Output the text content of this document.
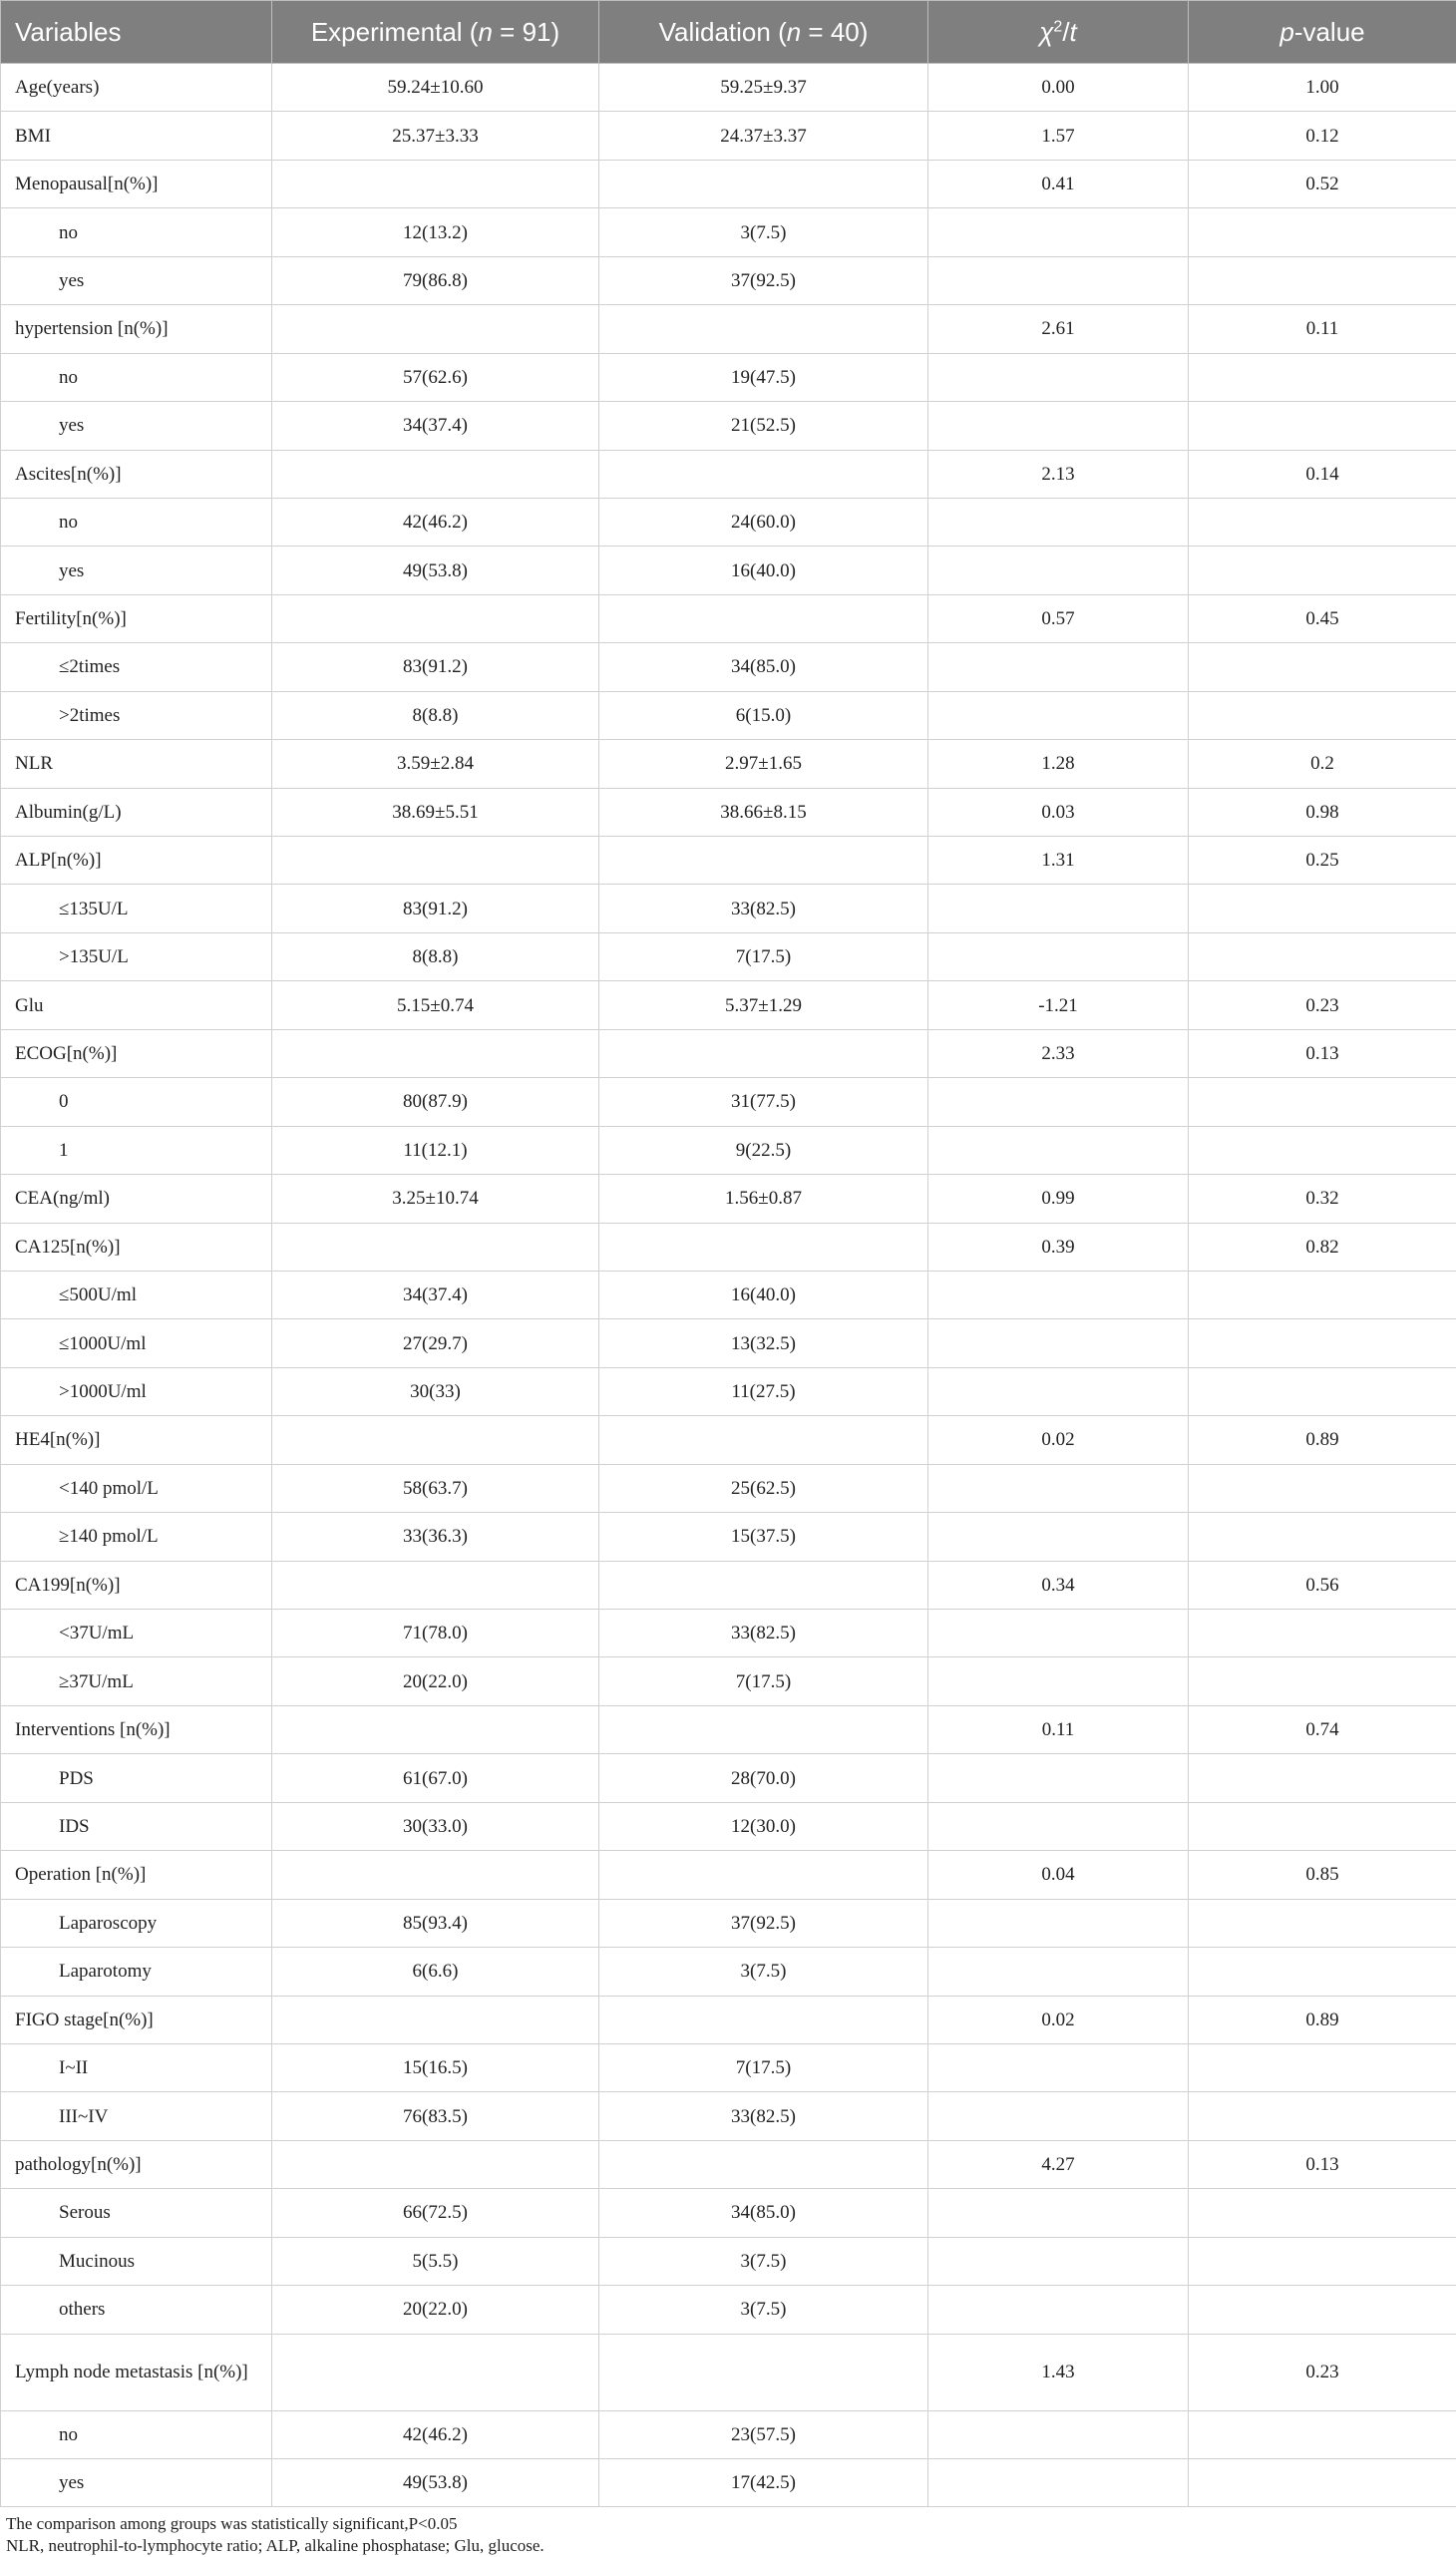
Variables	Experimental (n = 91)	Validation (n = 40)	$\chi^2/t$	p-value
Age(years)	59.24±10.60	59.25±9.37	0.00	1.00
BMI	25.37±3.33	24.37±3.37	1.57	0.12
Menopausal[n(%)]			0.41	0.52
no	12(13.2)	3(7.5)		
yes	79(86.8)	37(92.5)		
hypertension [n(%)]			2.61	0.11
no	57(62.6)	19(47.5)		
yes	34(37.4)	21(52.5)		
Ascites[n(%)]			2.13	0.14
no	42(46.2)	24(60.0)		
yes	49(53.8)	16(40.0)		
Fertility[n(%)]			0.57	0.45
≤2times	83(91.2)	34(85.0)		
>2times	8(8.8)	6(15.0)		
NLR	3.59±2.84	2.97±1.65	1.28	0.2
Albumin(g/L)	38.69±5.51	38.66±8.15	0.03	0.98
ALP[n(%)]			1.31	0.25
≤135U/L	83(91.2)	33(82.5)		
>135U/L	8(8.8)	7(17.5)		
Glu	5.15±0.74	5.37±1.29	-1.21	0.23
ECOG[n(%)]			2.33	0.13
0	80(87.9)	31(77.5)		
1	11(12.1)	9(22.5)		
CEA(ng/ml)	3.25±10.74	1.56±0.87	0.99	0.32
CA125[n(%)]			0.39	0.82
≤500U/ml	34(37.4)	16(40.0)		
≤1000U/ml	27(29.7)	13(32.5)		
>1000U/ml	30(33)	11(27.5)		
HE4[n(%)]			0.02	0.89
<140 pmol/L	58(63.7)	25(62.5)		
≥140 pmol/L	33(36.3)	15(37.5)		
CA199[n(%)]			0.34	0.56
<37U/mL	71(78.0)	33(82.5)		
≥37U/mL	20(22.0)	7(17.5)		
Interventions [n(%)]			0.11	0.74
PDS	61(67.0)	28(70.0)		
IDS	30(33.0)	12(30.0)		
Operation [n(%)]			0.04	0.85
Laparoscopy	85(93.4)	37(92.5)		
Laparotomy	6(6.6)	3(7.5)		
FIGO stage[n(%)]			0.02	0.89
I~II	15(16.5)	7(17.5)		
III~IV	76(83.5)	33(82.5)		
pathology[n(%)]			4.27	0.13
Serous	66(72.5)	34(85.0)		
Mucinous	5(5.5)	3(7.5)		
others	20(22.0)	3(7.5)		
Lymph node metastasis [n(%)]			1.43	0.23
no	42(46.2)	23(57.5)		
yes	49(53.8)	17(42.5)		
The comparison among groups was statistically significant,P<0.05
NLR, neutrophil-to-lymphocyte ratio; ALP, alkaline phosphatase; Glu, glucose.
